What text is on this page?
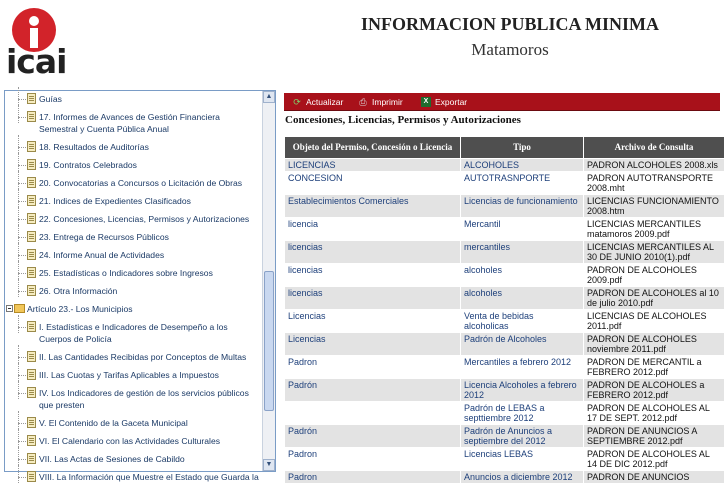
icai
INFORMACION PUBLICA MINIMA
Matamoros
Guías
17. Informes de Avances de Gestión Financiera Semestral y Cuenta Pública Anual
18. Resultados de Auditorías
19. Contratos Celebrados
20. Convocatorias a Concursos o Licitación de Obras
21. Indices de Expedientes Clasificados
22. Concesiones, Licencias, Permisos y Autorizaciones
23. Entrega de Recursos Públicos
24. Informe Anual de Actividades
25. Estadísticas o Indicadores sobre Ingresos
26. Otra Información
Artículo 23.- Los Municipios
I. Estadísticas e Indicadores de Desempeño a los Cuerpos de Policía
II. Las Cantidades Recibidas por Conceptos de Multas
III. Las Cuotas y Tarifas Aplicables a Impuestos
IV. Los Indicadores de gestión de los servicios públicos que presten
V. El Contenido de la Gaceta Municipal
VI. El Calendario con las Actividades Culturales
VII. Las Actas de Sesiones de Cabildo
VIII. La Información que Muestre el Estado que Guarda la
▲
▼
⟳ Actualizar ⎙ Imprimir	X Exportar
Concesiones, Licencias, Permisos y Autorizaciones
Objeto del Permiso, Concesión o Licencia	Tipo	Archivo de Consulta
LICENCIAS	ALCOHOLES	PADRON ALCOHOLES 2008.xls
CONCESION	AUTOTRASNPORTE	PADRON AUTOTRANSPORTE 2008.mht
Establecimientos Comerciales	Licencias de funcionamiento	LICENCIAS FUNCIONAMIENTO 2008.htm
licencia	Mercantil	LICENCIAS MERCANTILES matamoros 2009.pdf
licencias	mercantiles	LICENCIAS MERCANTILES AL 30 DE JUNIO 2010(1).pdf
licencias	alcoholes	PADRON DE ALCOHOLES 2009.pdf
licencias	alcoholes	PADRON DE ALCOHOLES al 10 de julio 2010.pdf
Licencias	Venta de bebidas alcoholicas	LICENCIAS DE ALCOHOLES 2011.pdf
Licencias	Padrón de Alcoholes	PADRON DE ALCOHOLES noviembre 2011.pdf
Padron	Mercantiles a febrero 2012	PADRON DE MERCANTIL a FEBRERO 2012.pdf
Padrón	Licencia Alcoholes a febrero 2012	PADRON DE ALCOHOLES a FEBRERO 2012.pdf
	Padrón de LEBAS a septtiembre 2012	PADRON DE ALCOHOLES AL 17 DE SEPT. 2012.pdf
Padrón	Padrón de Anuncios a septiembre del 2012	PADRON DE ANUNCIOS A SEPTIEMBRE 2012.pdf
Padron	Licencias LEBAS	PADRON DE ALCOHOLES AL 14 DE DIC 2012.pdf
Padron	Anuncios a diciembre 2012	PADRON DE ANUNCIOS
